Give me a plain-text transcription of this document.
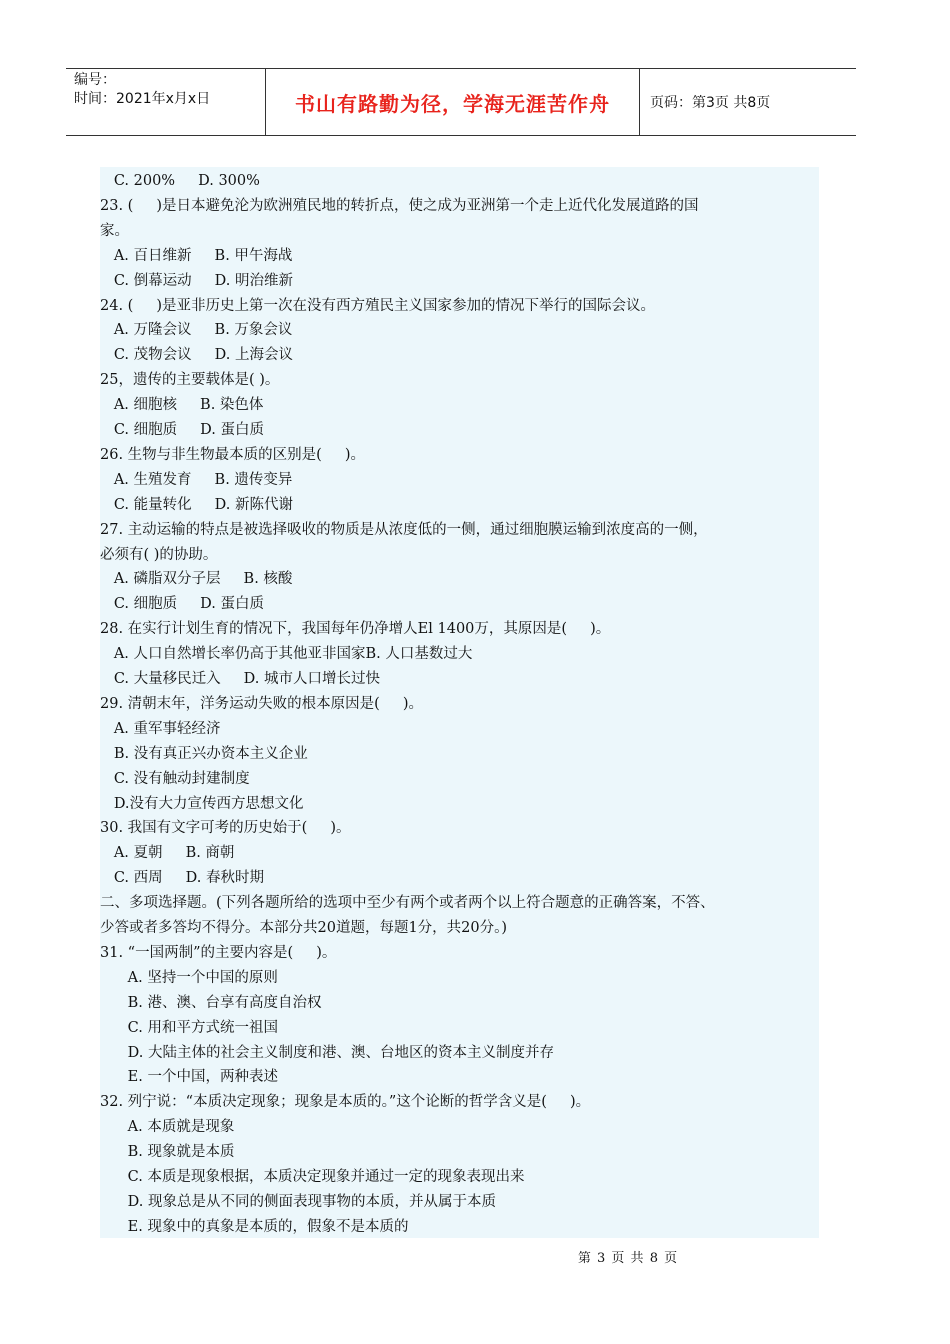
编号：
时间：2021年x月x日	书山有路勤为径，学海无涯苦作舟	页码：第3页 共8页
C. 200%     D. 300%
23. (     )是日本避免沦为欧洲殖民地的转折点，使之成为亚洲第一个走上近代化发展道路的国
家。
A. 百日维新     B. 甲午海战
C. 倒幕运动     D. 明治维新
24. (     )是亚非历史上第一次在没有西方殖民主义国家参加的情况下举行的国际会议。
A. 万隆会议     B. 万象会议
C. 茂物会议     D. 上海会议
25，遗传的主要载体是( )。
A. 细胞核     B. 染色体
C. 细胞质     D. 蛋白质
26. 生物与非生物最本质的区别是(     )。
A. 生殖发育     B. 遗传变异
C. 能量转化     D. 新陈代谢
27. 主动运输的特点是被选择吸收的物质是从浓度低的一侧，通过细胞膜运输到浓度高的一侧，
必须有( )的协助。
A. 磷脂双分子层     B. 核酸
C. 细胞质     D. 蛋白质
28. 在实行计划生育的情况下，我国每年仍净增人El 1400万，其原因是(     )。
A. 人口自然增长率仍高于其他亚非国家B. 人口基数过大
C. 大量移民迁入     D. 城市人口增长过快
29. 清朝末年，洋务运动失败的根本原因是(     )。
A. 重军事轻经济
B. 没有真正兴办资本主义企业
C. 没有触动封建制度
D.没有大力宣传西方思想文化
30. 我国有文字可考的历史始于(     )。
A. 夏朝     B. 商朝
C. 西周     D. 春秋时期
二、多项选择题。(下列各题所给的选项中至少有两个或者两个以上符合题意的正确答案，不答、
少答或者多答均不得分。本部分共20道题，每题1分，共20分。)
31. “一国两制”的主要内容是(     )。
A. 坚持一个中国的原则
B. 港、澳、台享有高度自治权
C. 用和平方式统一祖国
D. 大陆主体的社会主义制度和港、澳、台地区的资本主义制度并存
E. 一个中国，两种表述
32. 列宁说：“本质决定现象；现象是本质的。”这个论断的哲学含义是(     )。
A. 本质就是现象
B. 现象就是本质
C. 本质是现象根据，本质决定现象并通过一定的现象表现出来
D. 现象总是从不同的侧面表现事物的本质，并从属于本质
E. 现象中的真象是本质的，假象不是本质的
第 3 页 共 8 页
